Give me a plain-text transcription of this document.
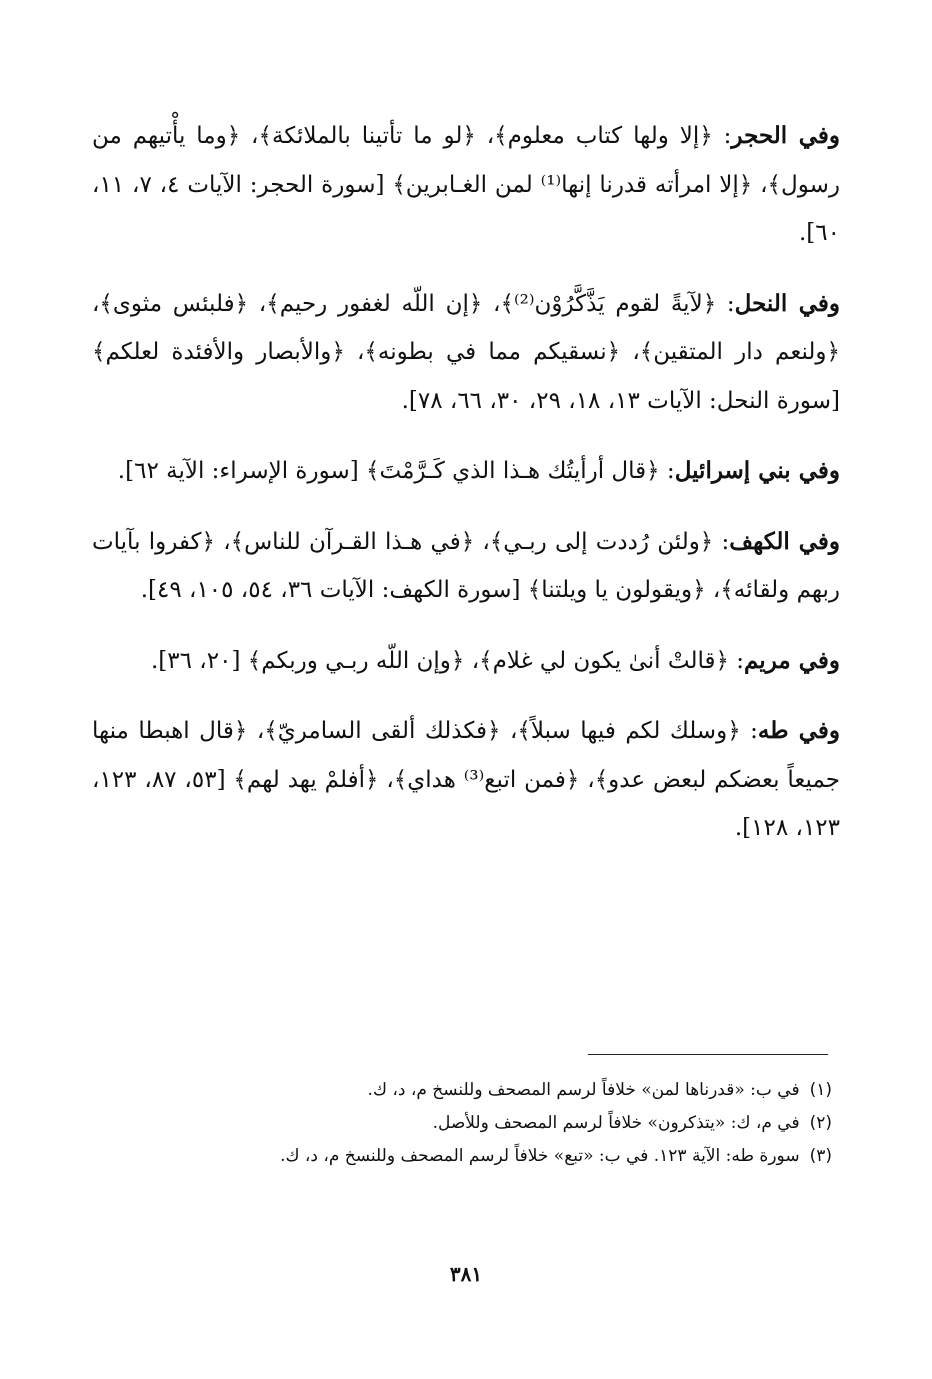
وفي الحجر: ﴿إلا ولها كتاب معلوم﴾، ﴿لو ما تأتينا بالملائكة﴾، ﴿وما يأْتيهم من رسول﴾، ﴿إلا امرأته قدرنا إنها⁽¹⁾ لمن الغـابرين﴾ [سورة الحجر: الآيات ٤، ٧، ١١، ٦٠].

وفي النحل: ﴿لآيةً لقوم يَذَّكَّرُوْن⁽²⁾﴾، ﴿إن اللّه لغفور رحيم﴾، ﴿فلبئس مثوى﴾، ﴿ولنعم دار المتقين﴾، ﴿نسقيكم مما في بطونه﴾، ﴿والأبصار والأفئدة لعلكم﴾ [سورة النحل: الآيات ١٣، ١٨، ٢٩، ٣٠، ٦٦، ٧٨].

وفي بني إسرائيل: ﴿قال أرأيتُك هـذا الذي كَـرَّمْتَ﴾ [سورة الإسراء: الآية ٦٢].

وفي الكهف: ﴿ولئن رُددت إلى ربـي﴾، ﴿في هـذا القـرآن للناس﴾، ﴿كفروا بآيات ربهم ولقائه﴾، ﴿ويقولون يا ويلتنا﴾ [سورة الكهف: الآيات ٣٦، ٥٤، ١٠٥، ٤٩].

وفي مريم: ﴿قالتْ أنىٰ يكون لي غلام﴾، ﴿وإن اللّه ربـي وربكم﴾ [٢٠، ٣٦].

وفي طه: ﴿وسلك لكم فيها سبلاً﴾، ﴿فكذلك ألقى السامريّ﴾، ﴿قال اهبطا منها جميعاً بعضكم لبعض عدو﴾، ﴿فمن اتبع⁽³⁾ هداي﴾، ﴿أفلمْ يهد لهم﴾ [٥٣، ٨٧، ١٢٣، ١٢٣، ١٢٨].

(١)في ب: «قدرناها لمن» خلافاً لرسم المصحف وللنسخ م، د، ك.

(٢)في م، ك: «يتذكرون» خلافاً لرسم المصحف وللأصل.

(٣)سورة طه: الآية ١٢٣. في ب: «تبع» خلافاً لرسم المصحف وللنسخ م، د، ك.

٣٨١
